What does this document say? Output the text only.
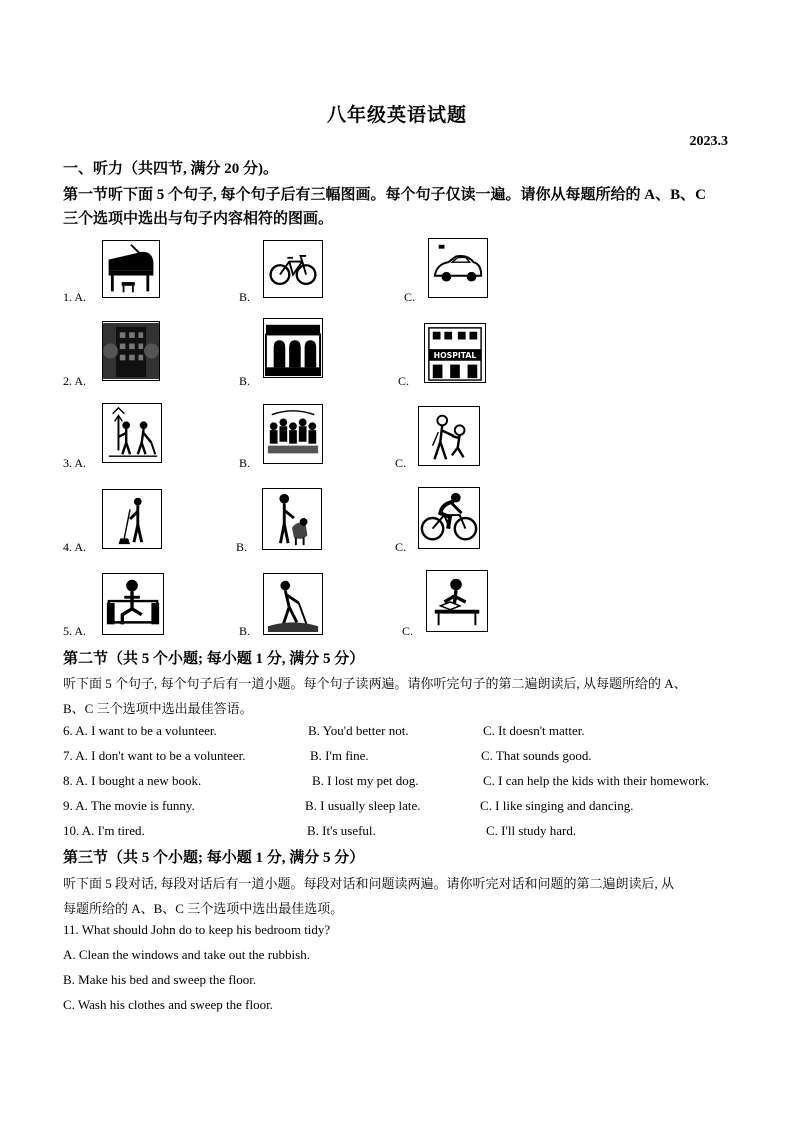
八年级英语试题
2023.3
一、听力（共四节, 满分 20 分)。
第一节听下面 5 个句子, 每个句子后有三幅图画。每个句子仅读一遍。请你从每题所给的 A、B、C
三个选项中选出与句子内容相符的图画。
1. A.	B.	C.
2. A.	B.	C.
HOSPITAL
3. A.	B.	C.
4. A.	B.	C.
5. A.	B.	C.
第二节（共 5 个小题; 每小题 1 分, 满分 5 分）
听下面 5 个句子, 每个句子后有一道小题。每个句子读两遍。请你听完句子的第二遍朗读后, 从每题所给的 A、
B、C 三个选项中选出最佳答语。
6. A. I want to be a volunteer.	B. You'd better not.	C. It doesn't matter.
7. A. I don't want to be a volunteer.	B. I'm fine.	C. That sounds good.
8. A. I bought a new book.	B. I lost my pet dog.	C. I can help the kids with their homework.
9. A. The movie is funny.	B. I usually sleep late.	C. I like singing and dancing.
10. A. I'm tired.	B. It's useful.	C. I'll study hard.
第三节（共 5 个小题; 每小题 1 分, 满分 5 分）
听下面 5 段对话, 每段对话后有一道小题。每段对话和问题读两遍。请你听完对话和问题的第二遍朗读后, 从
每题所给的 A、B、C 三个选项中选出最佳选项。
11. What should John do to keep his bedroom tidy?
A. Clean the windows and take out the rubbish.
B. Make his bed and sweep the floor.
C. Wash his clothes and sweep the floor.
